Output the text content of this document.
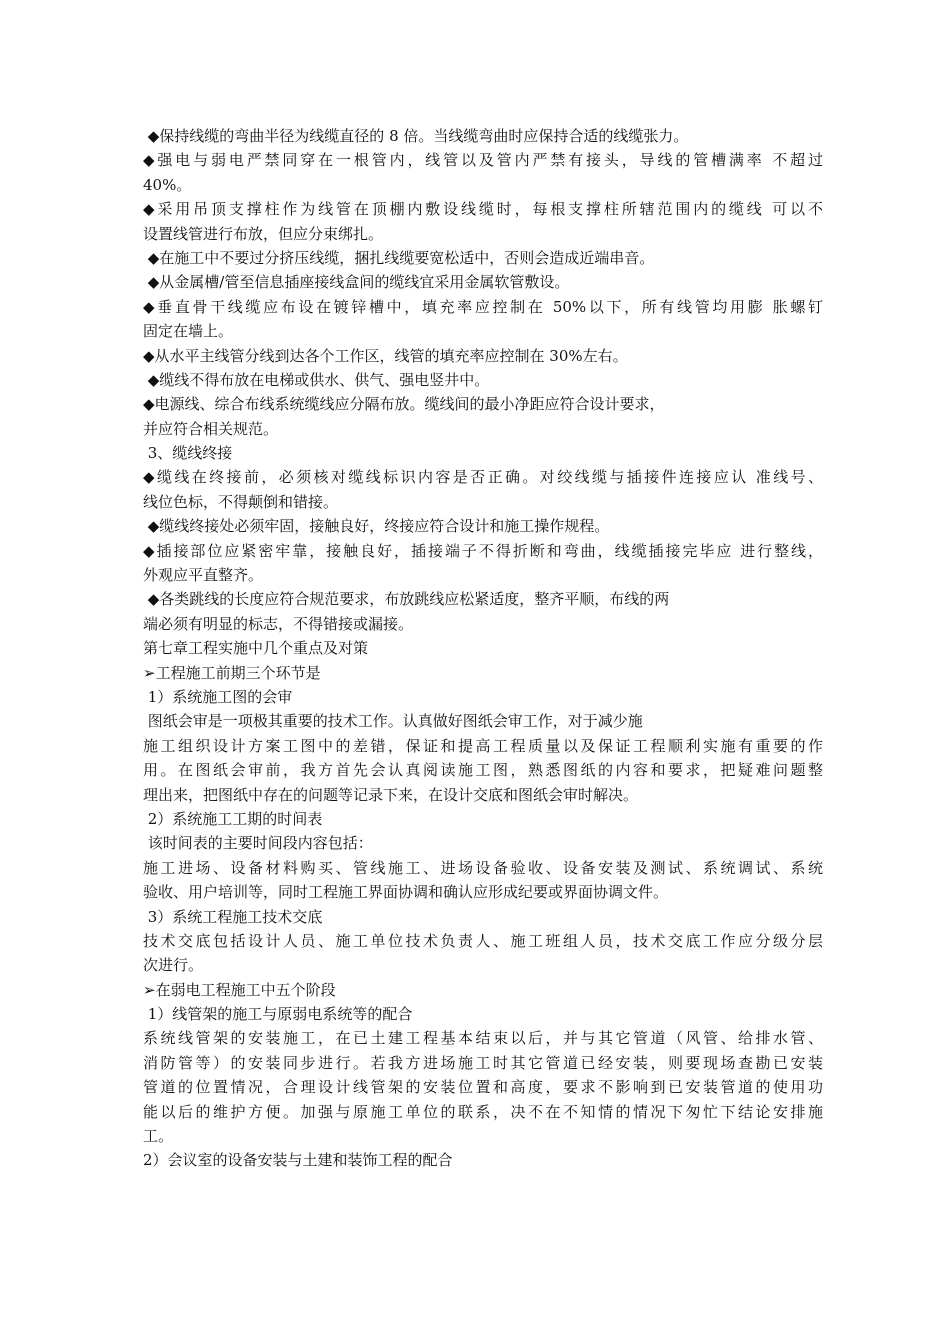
◆保持线缆的弯曲半径为线缆直径的 8 倍。当线缆弯曲时应保持合适的线缆张力。
◆强电与弱电严禁同穿在一根管内，线管以及管内严禁有接头，导线的管槽满率 不超过
40%。
◆采用吊顶支撑柱作为线管在顶棚内敷设线缆时，每根支撑柱所辖范围内的缆线 可以不
设置线管进行布放，但应分束绑扎。
◆在施工中不要过分挤压线缆，捆扎线缆要宽松适中，否则会造成近端串音。
◆从金属槽/管至信息插座接线盒间的缆线宜采用金属软管敷设。
◆垂直骨干线缆应布设在镀锌槽中，填充率应控制在 50%以下，所有线管均用膨 胀螺钉
固定在墙上。
◆从水平主线管分线到达各个工作区，线管的填充率应控制在 30%左右。
◆缆线不得布放在电梯或供水、供气、强电竖井中。
◆电源线、综合布线系统缆线应分隔布放。缆线间的最小净距应符合设计要求，
并应符合相关规范。
3、缆线终接
◆缆线在终接前，必须核对缆线标识内容是否正确。对绞线缆与插接件连接应认 准线号、
线位色标，不得颠倒和错接。
◆缆线终接处必须牢固，接触良好，终接应符合设计和施工操作规程。
◆插接部位应紧密牢靠，接触良好，插接端子不得折断和弯曲，线缆插接完毕应 进行整线，
外观应平直整齐。
◆各类跳线的长度应符合规范要求，布放跳线应松紧适度，整齐平顺，布线的两
端必须有明显的标志，不得错接或漏接。
第七章工程实施中几个重点及对策
➢工程施工前期三个环节是
1）系统施工图的会审
图纸会审是一项极其重要的技术工作。认真做好图纸会审工作，对于减少施
施工组织设计方案工图中的差错，保证和提高工程质量以及保证工程顺利实施有重要的作
用。在图纸会审前，我方首先会认真阅读施工图，熟悉图纸的内容和要求，把疑难问题整
理出来，把图纸中存在的问题等记录下来，在设计交底和图纸会审时解决。
2）系统施工工期的时间表
该时间表的主要时间段内容包括：
施工进场、设备材料购买、管线施工、进场设备验收、设备安装及测试、系统调试、系统
验收、用户培训等，同时工程施工界面协调和确认应形成纪要或界面协调文件。
3）系统工程施工技术交底
技术交底包括设计人员、施工单位技术负责人、施工班组人员，技术交底工作应分级分层
次进行。
➢在弱电工程施工中五个阶段
1）线管架的施工与原弱电系统等的配合
系统线管架的安装施工，在已土建工程基本结束以后，并与其它管道（风管、给排水管、
消防管等）的安装同步进行。若我方进场施工时其它管道已经安装，则要现场查勘已安装
管道的位置情况，合理设计线管架的安装位置和高度，要求不影响到已安装管道的使用功
能以后的维护方便。加强与原施工单位的联系，决不在不知情的情况下匆忙下结论安排施
工。
2）会议室的设备安装与土建和装饰工程的配合
